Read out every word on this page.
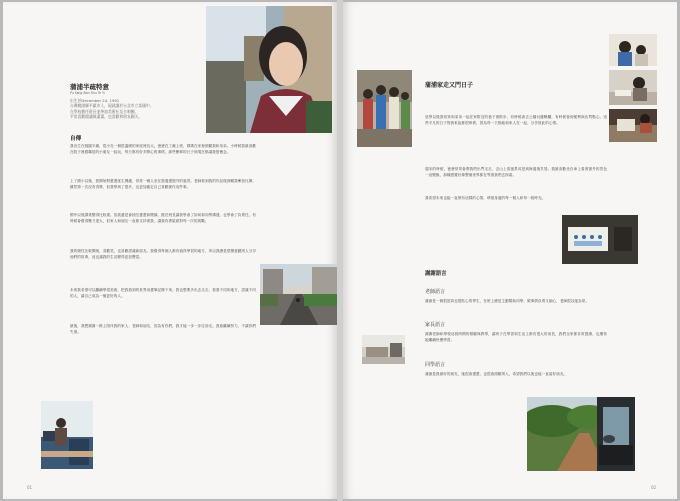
蒲浦半疏特意
Pu Fang Ban Shu Te Yi
出生於December 24, 1991
台灣桃園縣平鎮市人，現就讀於台北市立某國中，
在學校擔任班長並參加美術社及合唱團，
平常喜歡閱讀與畫畫，也喜歡和朋友聊天。
自傳
我出生在桃園平鎮，從小在一個很溫暖的家庭裡長大。爸爸在工廠上班，媽媽在家裡照顧我和弟弟。小時候我最喜歡在院子裡跟鄰居的小朋友一起玩，每天都有好多開心的事情，那些簡單的日子到現在都讓我很懷念。
上了國小以後，我開始對畫畫產生興趣，常常一個人坐在窗邊畫窗外的風景。老師看到我的作品後鼓勵我參加比賽，雖然第一次沒有得獎，但我學到了很多，也更加確定自己喜歡創作這件事。
國中以後課業變得比較重，但我還是會抽空畫畫和閱讀。擔任班長讓我學會了如何和同學溝通，也學會了負責任。有時候會覺得壓力很大，但家人和朋友一直都支持著我，讓我有勇氣面對每一次的挑戰。
我的個性比較開朗，喜歡笑，也喜歡認識新朋友。我覺得每個人都有值得學習的地方，所以我總是很樂意聽別人分享他們的故事，這也讓我的生活變得更加豐富。
未來我希望可以繼續學習美術，把我看到的世界用畫筆記錄下來。我也想要多出去走走，看看不同的地方，認識不同的人，讓自己成為一個更好的人。
最後，我想謝謝一路上陪伴我的家人、老師和朋友，因為有你們，我才能一步一步往前走。我會繼續努力，不讓你們失望。
01
蒲浦家走又門日子
放學以後我常常和弟弟一起在家附近的巷子裡散步，有時候會去公園玩盪鞦韆，有時候會到便利商店買點心。這些平凡的日子對我來說都很珍貴，因為每一天都能和家人在一起，分享彼此的心情。
週末的時候，爸爸常常會帶我們出門走走，去山上看風景或是到海邊撿貝殼。我最喜歡坐在車上看著窗外的景色一直變換，那種感覺好像整個世界都在等著我們去探索。
我希望未來也能一直保有這樣的心情，珍惜身邊的每一個人和每一段時光。
謝謝語言
老師語言
蒲浦是一個很認真也很貼心的學生，在班上總是主動幫助同學，做事情負責又細心，老師很以她為榮。
家長語言
謝謝老師和學校這段時間的照顧與教導，讓孩子在學習和生活上都有很大的成長，我們全家都非常感謝，也期待她繼續快樂學習。
同學語言
蒲浦是我最好的朋友，她很會畫畫，也很會照顧別人，希望我們以後也能一直當好朋友。
02
